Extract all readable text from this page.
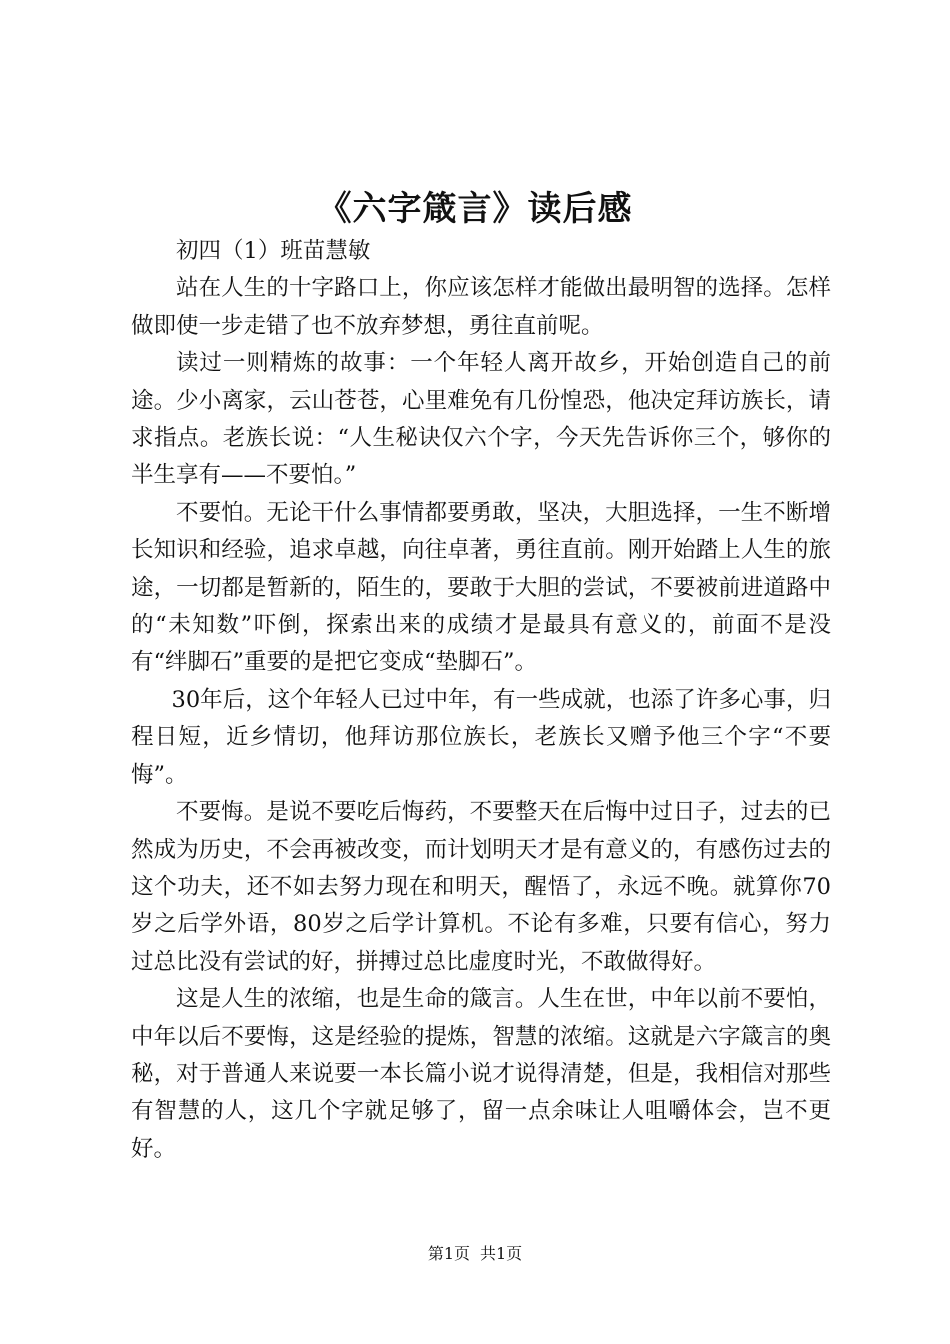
《六字箴言》读后感

初四（1）班苗慧敏

站在人生的十字路口上，你应该怎样才能做出最明智的选择。怎样做即使一步走错了也不放弃梦想，勇往直前呢。

读过一则精炼的故事：一个年轻人离开故乡，开始创造自己的前途。少小离家，云山苍苍，心里难免有几份惶恐，他决定拜访族长，请求指点。老族长说：“人生秘诀仅六个字，今天先告诉你三个，够你的半生享有——不要怕。”

不要怕。无论干什么事情都要勇敢，坚决，大胆选择，一生不断增长知识和经验，追求卓越，向往卓著，勇往直前。刚开始踏上人生的旅途，一切都是暂新的，陌生的，要敢于大胆的尝试，不要被前进道路中的“未知数”吓倒，探索出来的成绩才是最具有意义的，前面不是没有“绊脚石”重要的是把它变成“垫脚石”。

30年后，这个年轻人已过中年，有一些成就，也添了许多心事，归程日短，近乡情切，他拜访那位族长，老族长又赠予他三个字“不要悔”。

不要悔。是说不要吃后悔药，不要整天在后悔中过日子，过去的已然成为历史，不会再被改变，而计划明天才是有意义的，有感伤过去的这个功夫，还不如去努力现在和明天，醒悟了，永远不晚。就算你70岁之后学外语，80岁之后学计算机。不论有多难，只要有信心，努力过总比没有尝试的好，拼搏过总比虚度时光，不敢做得好。

这是人生的浓缩，也是生命的箴言。人生在世，中年以前不要怕，中年以后不要悔，这是经验的提炼，智慧的浓缩。这就是六字箴言的奥秘，对于普通人来说要一本长篇小说才说得清楚，但是，我相信对那些有智慧的人，这几个字就足够了，留一点余味让人咀嚼体会，岂不更好。

第1页 共1页
